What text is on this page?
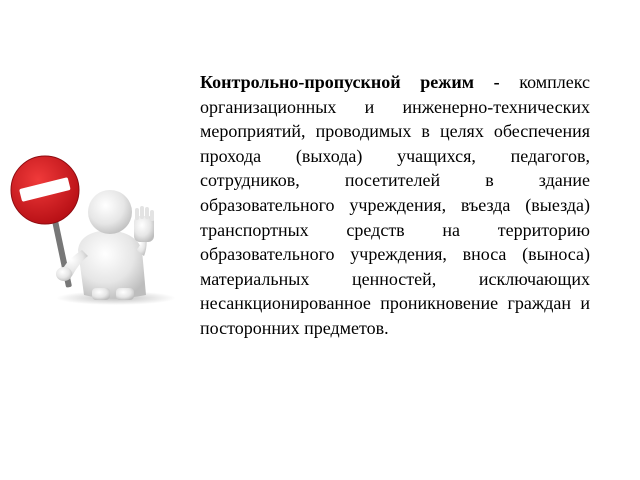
Контрольно-пропускной режим - комплекс организационных и инженерно-технических мероприятий, проводимых в целях обеспечения прохода (выхода) учащихся, педагогов, сотрудников, посетителей в здание образовательного учреждения, въезда (выезда) транспортных средств на территорию образовательного учреждения, вноса (выноса) материальных ценностей, исключающих несанкционированное проникновение граждан и посторонних предметов.
